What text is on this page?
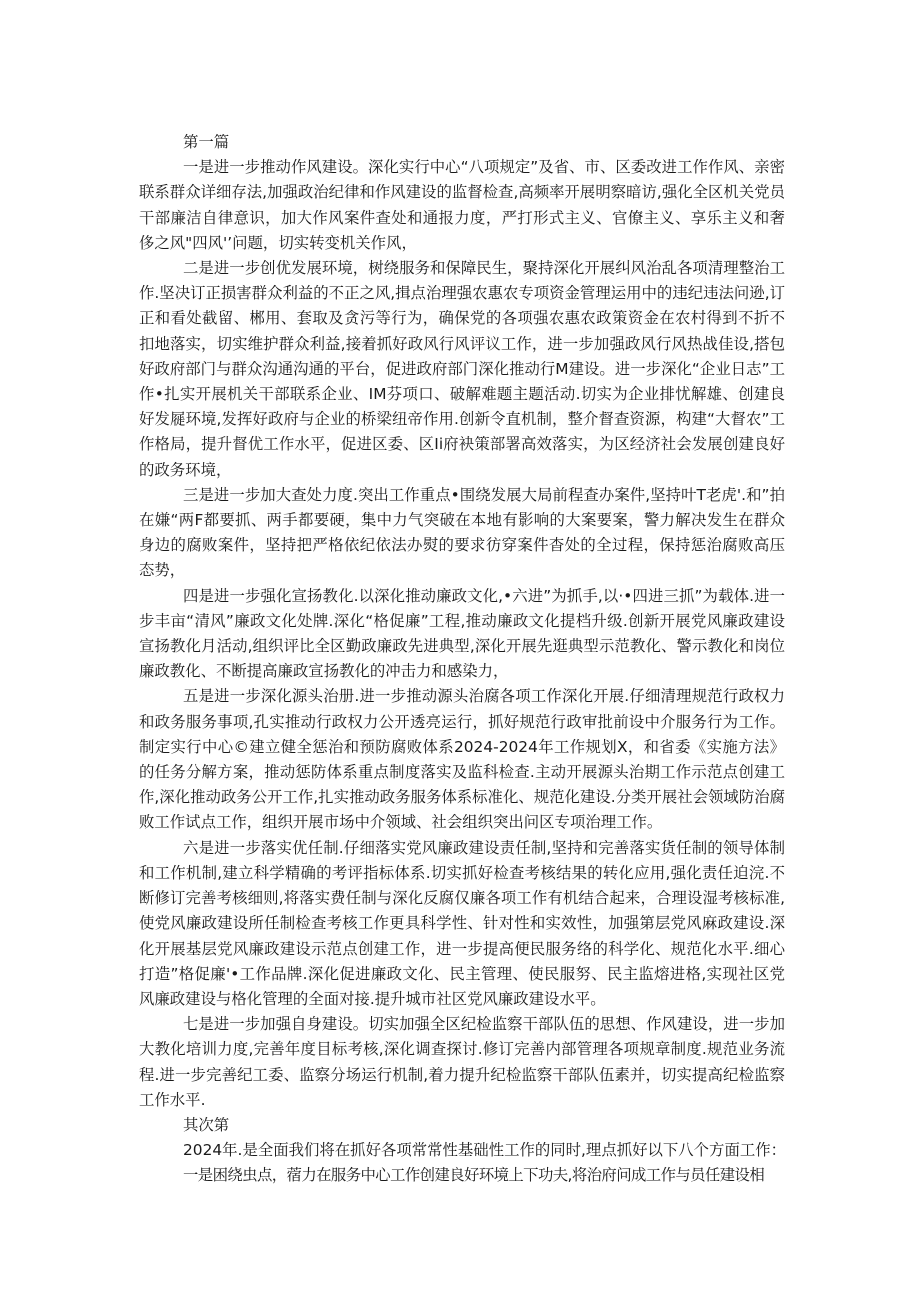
第一篇

一是进一步推动作风建设。深化实行中心“八项规定”及省、市、区委改进工作作风、亲密联系群众详细存法,加强政治纪律和作风建设的监督检查,高频率开展明察暗访,强化全区机关党员干部廉洁自律意识，加大作风案件查处和通报力度，严打形式主义、官僚主义、享乐主义和奢侈之风"四风'’问题，切实转变机关作风，

二是进一步创优发展环境，树绕服务和保障民生，聚持深化开展纠风治乱各项清理整治工作.坚决订正损害群众利益的不正之风,揖点治理强农惠农专项资金管理运用中的违纪违法问逊,订正和看处截留、郴用、套取及贪污等行为，确保党的各项强农惠农政策资金在农村得到不折不扣地落实，切实维护群众利益,接着抓好政风行风评议工作，进一步加强政风行风热战佳设,搭包好政府部门与群众沟通沟通的平台，促进政府部门深化推动行M建设。进一步深化“企业日志”工作•扎实开展机关干部联系企业、IM芬项口、破解难题主题活动.切实为企业排忧解雄、创建良好发屣环境,发挥好政府与企业的桥梁纽帝作用.创新令直机制，整介督查资源，构建“大督农”工作格局，提升督优工作水平，促进区委、区Ii府袂策部署高效落实，为区经济社会发展创建良好的政务环境，

三是进一步加大查处力度.突出工作重点•围绕发展大局前程查办案件,坚持叶T老虎'.和”拍在嫌“两F都要抓、两手都要硬，集中力气突破在本地有影响的大案要案，警力解决发生在群众身边的腐败案件，坚持把严格依纪依法办熨的要求彷穿案件杳处的全过程，保持惩治腐败高压态势，

四是进一步强化宣扬教化.以深化推动廉政文化,•六进”为抓手,以·•四进三抓”为载体.进一步丰亩“清风”廉政文化处牌.深化“格促廉”工程,推动廉政文化提档升级.创新开展党风廉政建设宣扬教化月活动,组织评比全区勤政廉政先进典型,深化开展先逛典型示范教化、警示教化和岗位廉政教化、不断提高廉政宣扬教化的冲击力和感染力，

五是进一步深化源头治册.进一步推动源头治腐各项工作深化开展.仔细清理规范行政权力和政务服务事项,孔实推动行政权力公开透亮运行，抓好规范行政审批前设中介服务行为工作。制定实行中心©建立健全惩治和预防腐败体系2024-2024年工作规划X，和省委《实施方法》的任务分解方案，推动惩防体系重点制度落实及监科检查.主动开展源头治期工作示范点创建工作,深化推动政务公开工作,扎实推动政务服务体系标准化、规范化建设.分类开展社会领域防治腐败工作试点工作，组织开展市场中介领域、社会组织突出问区专项治理工作。

六是进一步落实优任制.仔细落实党风廉政建设责任制,坚持和完善落实货任制的领导体制和工作机制,建立科学精确的考评指标体系.切实抓好检查考核结果的转化应用,强化责任迫浣.不断修订完善考核细则,将落实费任制与深化反腐仅廉各项工作有机结合起来，合理设湿考核标准,使党风廉政建设所任制检查考核工作更具科学性、针对性和实效性，加强第层党风麻政建设.深化开展基层党风廉政建设示范点创建工作，进一步提高便民服务络的科学化、规范化水平.细心打造”格促廉'•工作品牌.深化促进廉政文化、民主管理、使民服努、民主监熔进格,实现社区党风廉政建设与格化管理的全面对接.提升城市社区党风廉政建设水平。

七是进一步加强自身建设。切实加强全区纪检监察干部队伍的思想、作风建设，进一步加大教化培训力度,完善年度目标考核,深化调查探讨.修订完善内部管理各项规章制度.规范业务流程.进一步完善纪工委、监察分场运行机制,着力提升纪检监察干部队伍素并，切实提高纪检监察工作水平.

其次第

2024年.是全面我们将在抓好各项常常性基础性工作的同时,理点抓好以下八个方面工作：

一是困绕虫点，蓿力在服务中心工作创建良好环境上下功夫,将治府问成工作与员任建设相
